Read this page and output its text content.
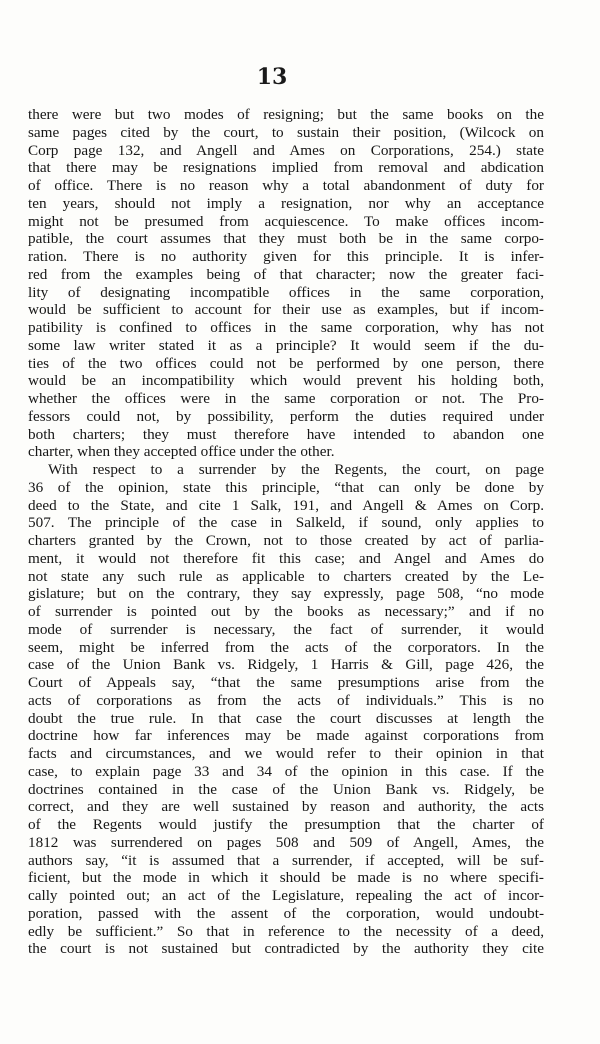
13
there were but two modes of resigning; but the same books on the
same pages cited by the court, to sustain their position, (Wilcock on
Corp page 132, and Angell and Ames on Corporations, 254.) state
that there may be resignations implied from removal and abdication
of office. There is no reason why a total abandonment of duty for
ten years, should not imply a resignation, nor why an acceptance
might not be presumed from acquiescence. To make offices incom-
patible, the court assumes that they must both be in the same corpo-
ration. There is no authority given for this principle. It is infer-
red from the examples being of that character; now the greater faci-
lity of designating incompatible offices in the same corporation,
would be sufficient to account for their use as examples, but if incom-
patibility is confined to offices in the same corporation, why has not
some law writer stated it as a principle? It would seem if the du-
ties of the two offices could not be performed by one person, there
would be an incompatibility which would prevent his holding both,
whether the offices were in the same corporation or not. The Pro-
fessors could not, by possibility, perform the duties required under
both charters; they must therefore have intended to abandon one
charter, when they accepted office under the other.
With respect to a surrender by the Regents, the court, on page
36 of the opinion, state this principle, “that can only be done by
deed to the State, and cite 1 Salk, 191, and Angell & Ames on Corp.
507. The principle of the case in Salkeld, if sound, only applies to
charters granted by the Crown, not to those created by act of parlia-
ment, it would not therefore fit this case; and Angel and Ames do
not state any such rule as applicable to charters created by the Le-
gislature; but on the contrary, they say expressly, page 508, “no mode
of surrender is pointed out by the books as necessary;” and if no
mode of surrender is necessary, the fact of surrender, it would
seem, might be inferred from the acts of the corporators. In the
case of the Union Bank vs. Ridgely, 1 Harris & Gill, page 426, the
Court of Appeals say, “that the same presumptions arise from the
acts of corporations as from the acts of individuals.” This is no
doubt the true rule. In that case the court discusses at length the
doctrine how far inferences may be made against corporations from
facts and circumstances, and we would refer to their opinion in that
case, to explain page 33 and 34 of the opinion in this case. If the
doctrines contained in the case of the Union Bank vs. Ridgely, be
correct, and they are well sustained by reason and authority, the acts
of the Regents would justify the presumption that the charter of
1812 was surrendered on pages 508 and 509 of Angell, Ames, the
authors say, “it is assumed that a surrender, if accepted, will be suf-
ficient, but the mode in which it should be made is no where specifi-
cally pointed out; an act of the Legislature, repealing the act of incor-
poration, passed with the assent of the corporation, would undoubt-
edly be sufficient.” So that in reference to the necessity of a deed,
the court is not sustained but contradicted by the authority they cite
